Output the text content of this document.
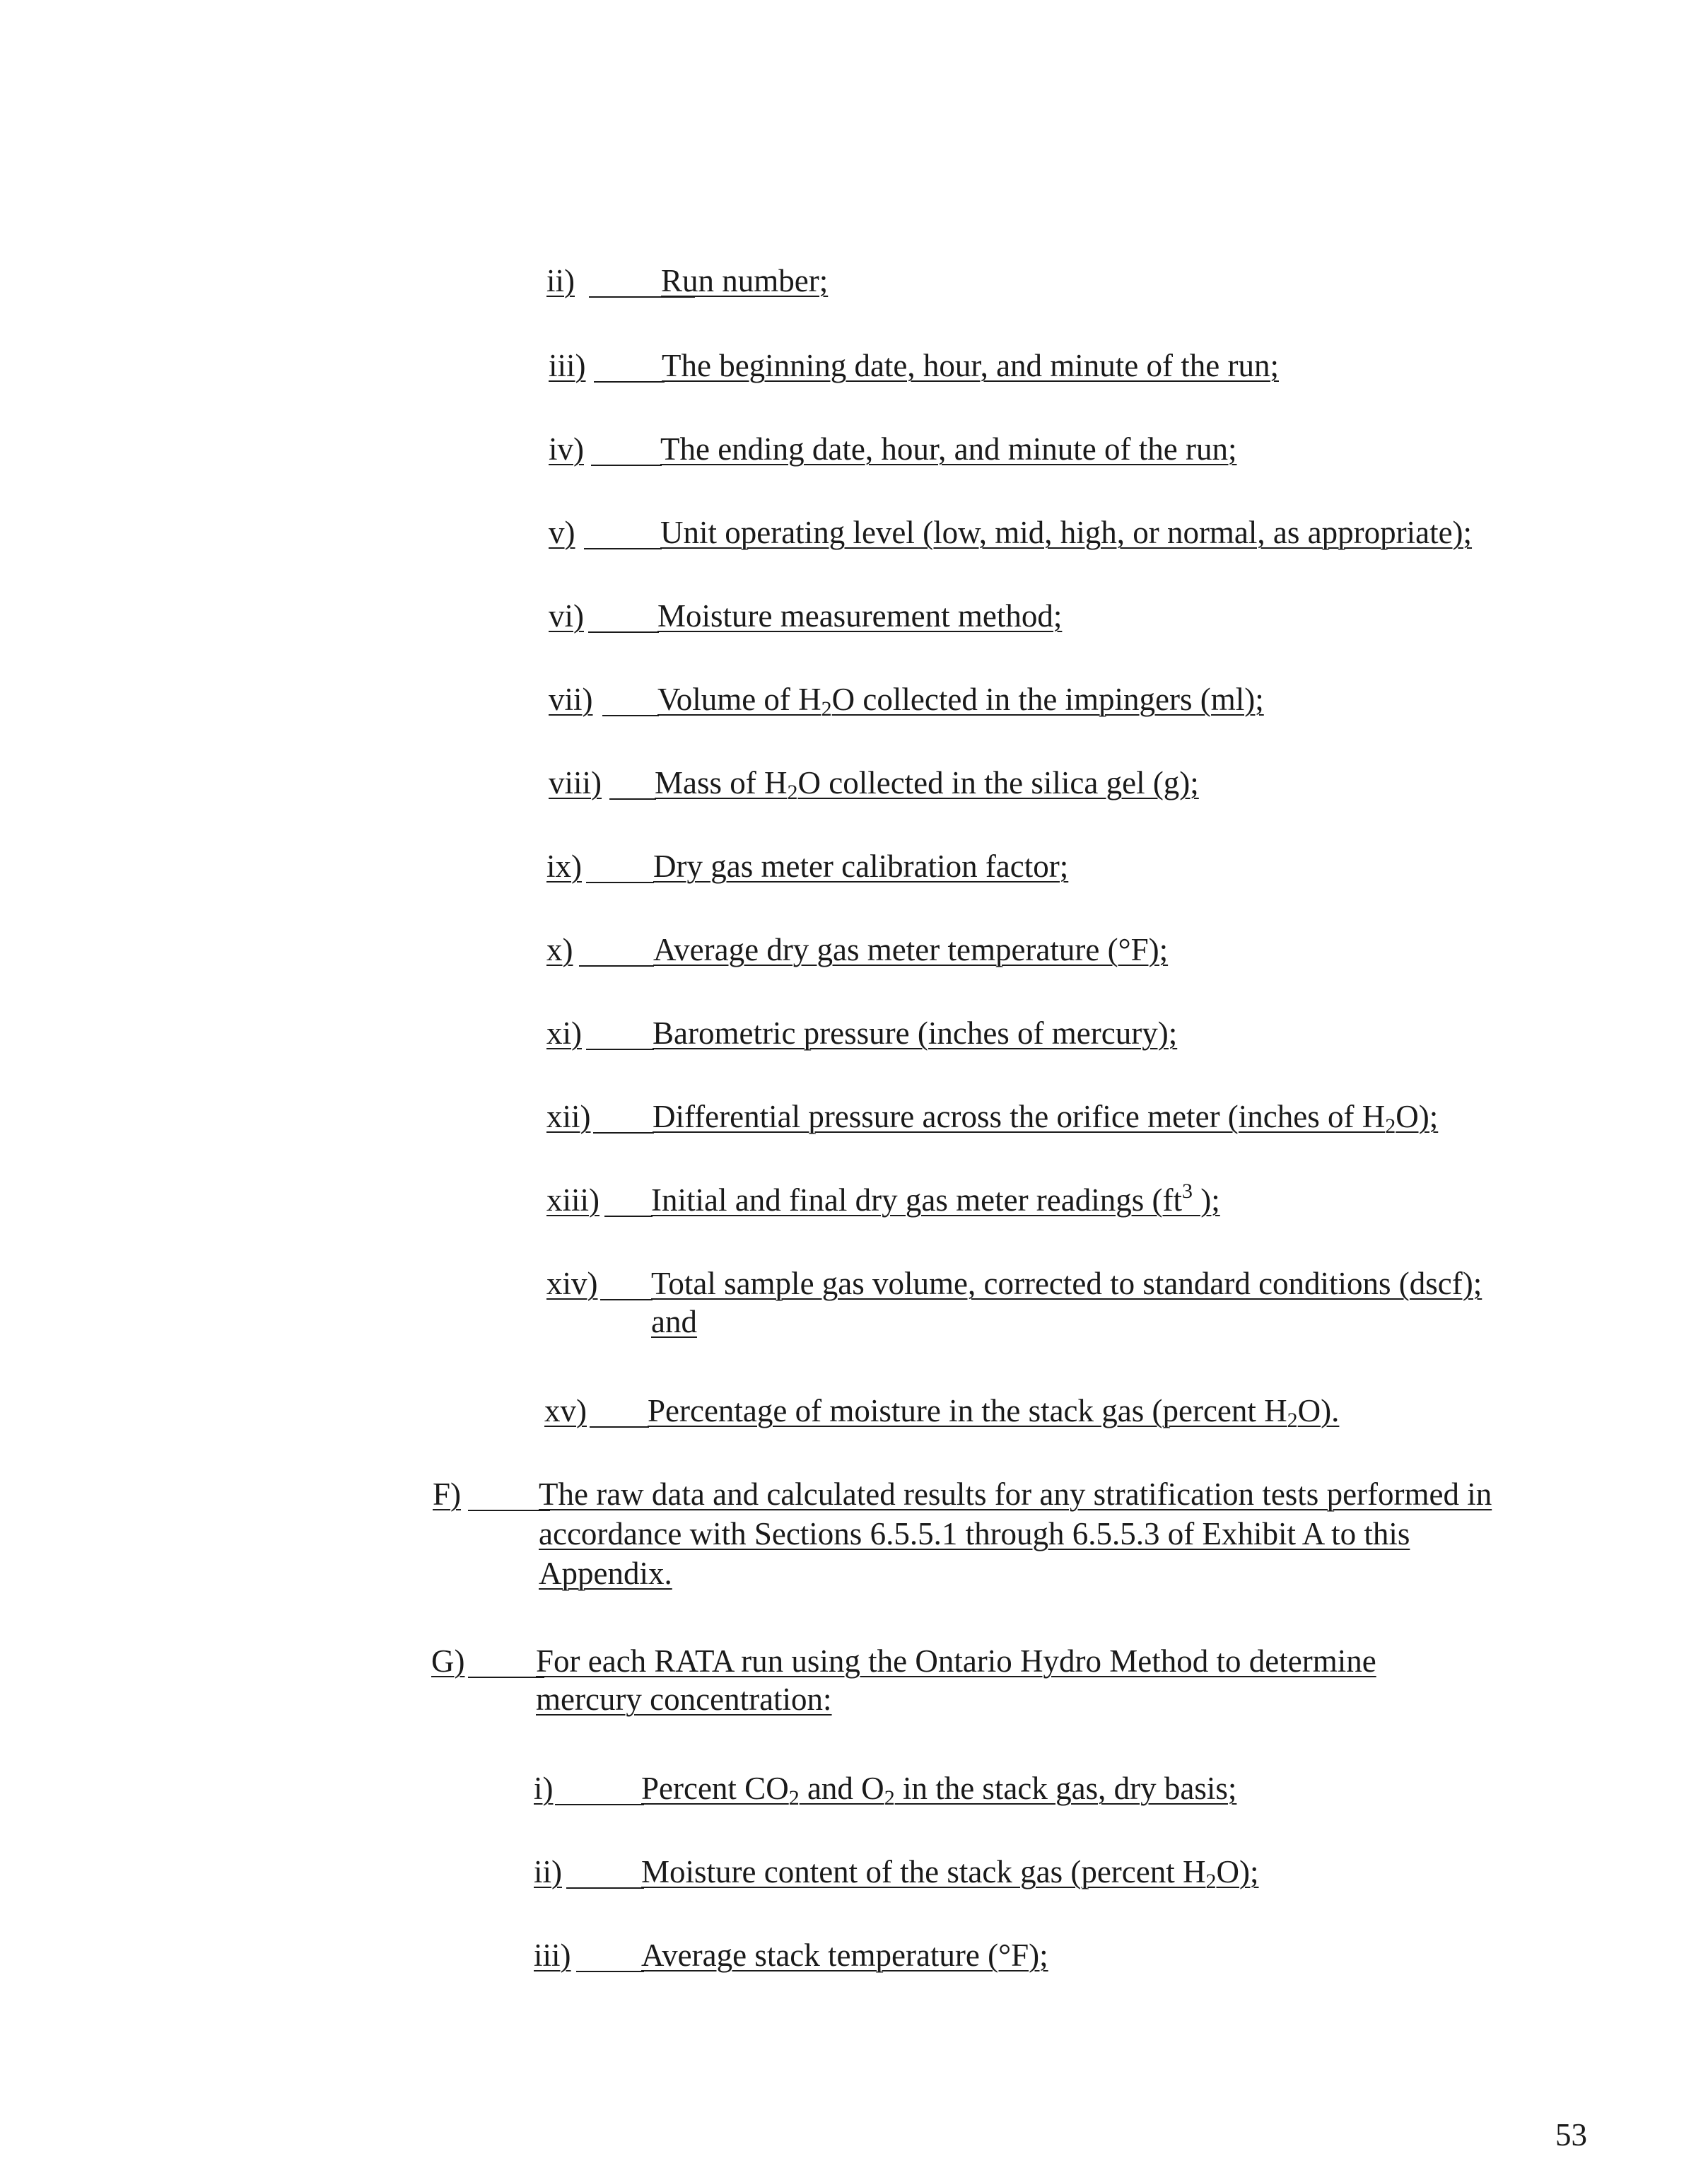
ii)	Run number;
iii) The beginning date, hour, and minute of the run;
iv) The ending date, hour, and minute of the run;
v)	Unit operating level (low, mid, high, or normal, as appropriate);
vi) Moisture measurement method;
vii) Volume of $H_2O$ collected in the impingers (ml);
viii) Mass of $H_2O$ collected in the silica gel (g);
ix) Dry gas meter calibration factor;
x)	Average dry gas meter temperature (°F);
xi) Barometric pressure (inches of mercury);
xii) Differential pressure across the orifice meter (inches of $H_2O$);
xiii) Initial and final dry gas meter readings ($ft^3$ );
xiv) Total sample gas volume, corrected to standard conditions (dscf);
and
xv) Percentage of moisture in the stack gas (percent $H_2O$).
F) The raw data and calculated results for any stratification tests performed in
accordance with Sections 6.5.5.1 through 6.5.5.3 of Exhibit A to this
Appendix.
G) For each RATA run using the Ontario Hydro Method to determine
mercury concentration:
i)	Percent $CO_2$ and $O_2$ in the stack gas, dry basis;
ii) Moisture content of the stack gas (percent $H_2O$);
iii) Average stack temperature (°F);
53
